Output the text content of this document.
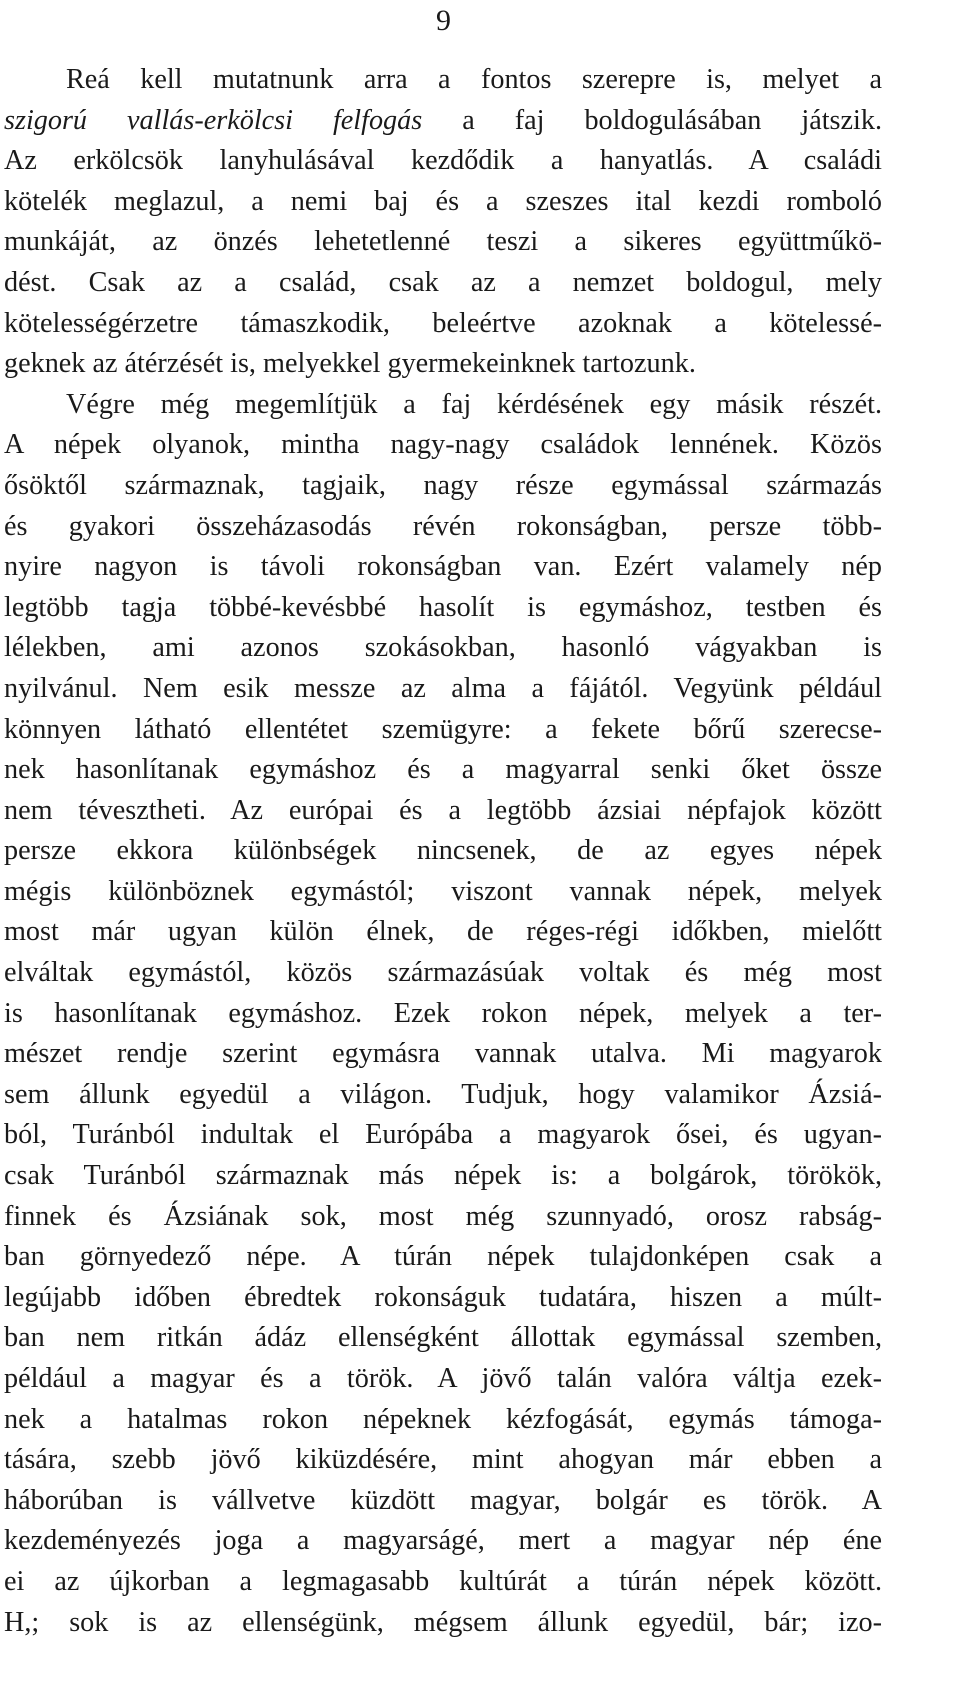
9
Reá kell mutatnunk arra a fontos szerepre is, melyet a
szigorú vallás-erkölcsi felfogás a faj boldogulásában játszik.
Az erkölcsök lanyhulásával kezdődik a hanyatlás. A családi
kötelék meglazul, a nemi baj és a szeszes ital kezdi romboló
munkáját, az önzés lehetetlenné teszi a sikeres együttműkö-
dést. Csak az a család, csak az a nemzet boldogul, mely
kötelességérzetre támaszkodik, beleértve azoknak a kötelessé-
geknek az átérzését is, melyekkel gyermekeinknek tartozunk.
Végre még megemlítjük a faj kérdésének egy másik részét.
A népek olyanok, mintha nagy-nagy családok lennének. Közös
ősöktől származnak, tagjaik, nagy része egymással származás
és gyakori összeházasodás révén rokonságban, persze több-
nyire nagyon is távoli rokonságban van. Ezért valamely nép
legtöbb tagja többé-kevésbbé hasolít is egymáshoz, testben és
lélekben, ami azonos szokásokban, hasonló vágyakban is
nyilvánul. Nem esik messze az alma a fájától. Vegyünk például
könnyen látható ellentétet szemügyre: a fekete bőrű szerecse-
nek hasonlítanak egymáshoz és a magyarral senki őket össze
nem tévesztheti. Az európai és a legtöbb ázsiai népfajok között
persze ekkora különbségek nincsenek, de az egyes népek
mégis különböznek egymástól; viszont vannak népek, melyek
most már ugyan külön élnek, de réges-régi időkben, mielőtt
elváltak egymástól, közös származásúak voltak és még most
is hasonlítanak egymáshoz. Ezek rokon népek, melyek a ter-
mészet rendje szerint egymásra vannak utalva. Mi magyarok
sem állunk egyedül a világon. Tudjuk, hogy valamikor Ázsiá-
ból, Turánból indultak el Európába a magyarok ősei, és ugyan-
csak Turánból származnak más népek is: a bolgárok, törökök,
finnek és Ázsiának sok, most még szunnyadó, orosz rabság-
ban görnyedező népe. A túrán népek tulajdonképen csak a
legújabb időben ébredtek rokonságuk tudatára, hiszen a múlt-
ban nem ritkán ádáz ellenségként állottak egymással szemben,
például a magyar és a török. A jövő talán valóra váltja ezek-
nek a hatalmas rokon népeknek kézfogását, egymás támoga-
tására, szebb jövő kiküzdésére, mint ahogyan már ebben a
háborúban is vállvetve küzdött magyar, bolgár es török. A
kezdeményezés joga a magyarságé, mert a magyar nép éne
ei az újkorban a legmagasabb kultúrát a túrán népek között.
H,; sok is az ellenségünk, mégsem állunk egyedül, bár; izo-
